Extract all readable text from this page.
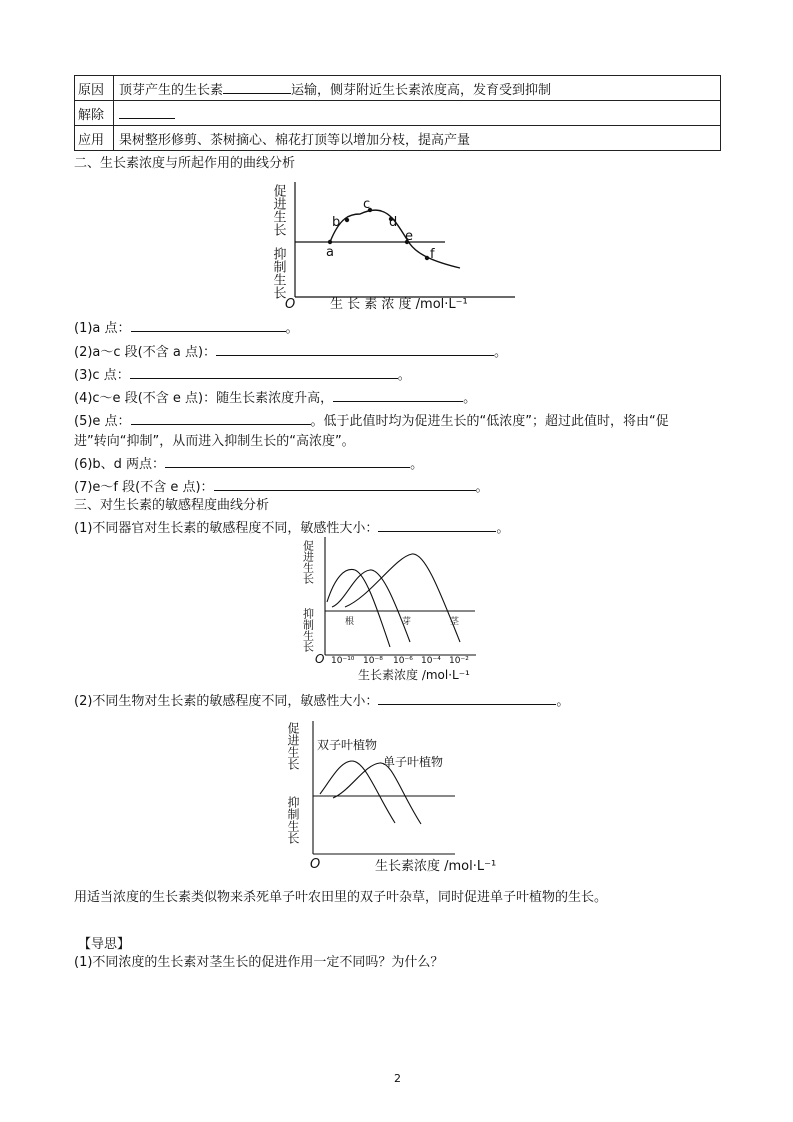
原因	顶芽产生的生长素 运输，侧芽附近生长素浓度高，发育受到抑制
解除	
应用	果树整形修剪、茶树摘心、棉花打顶等以增加分枝，提高产量
二、生长素浓度与所起作用的曲线分析
a
b
c
d
e
f
促进生长
抑制生长
O	生 长 素 浓 度 /mol·L⁻¹
(1)a 点：	。
(2)a～c 段(不含 a 点)：	。
(3)c 点：	。
(4)c～e 段(不含 e 点)：随生长素浓度升高，	。
(5)e 点：	。低于此值时均为促进生长的“低浓度”；超过此值时，将由“促
进”转向“抑制”，从而进入抑制生长的“高浓度”。
(6)b、d 两点：	。
(7)e～f 段(不含 e 点)：	。
三、对生长素的敏感程度曲线分析
(1)不同器官对生长素的敏感程度不同，敏感性大小：	。
根	芽	茎
促进生长
抑制生长
O 10⁻¹⁰ 10⁻⁸ 10⁻⁶ 10⁻⁴ 10⁻²
生长素浓度 /mol·L⁻¹
(2)不同生物对生长素的敏感程度不同，敏感性大小：	。
双子叶植物
单子叶植物
促进生长
抑制生长
O	生长素浓度 /mol·L⁻¹
用适当浓度的生长素类似物来杀死单子叶农田里的双子叶杂草，同时促进单子叶植物的生长。
【导思】
(1)不同浓度的生长素对茎生长的促进作用一定不同吗？为什么？
2
